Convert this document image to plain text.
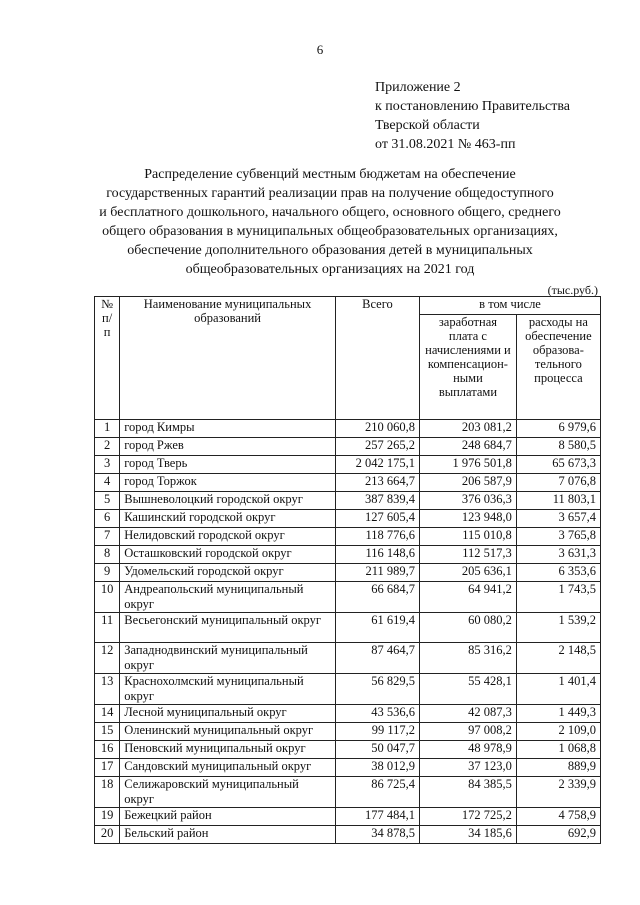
6
Приложение 2
к постановлению Правительства
Тверской области
от 31.08.2021 № 463-пп
Распределение субвенций местным бюджетам на обеспечение
государственных гарантий реализации прав на получение общедоступного
и бесплатного дошкольного, начального общего, основного общего, среднего
общего образования в муниципальных общеобразовательных организациях,
обеспечение дополнительного образования детей в муниципальных
общеобразовательных организациях на 2021 год
(тыс.руб.)
№ п/п	Наименование муниципальных образований	Всего	в том числе	
			заработная плата с начислениями и компенсацион-ными выплатами	расходы на обеспечение образова-тельного процесса
1	город Кимры	210 060,8	203 081,2	6 979,6
2	город Ржев	257 265,2	248 684,7	8 580,5
3	город Тверь	2 042 175,1	1 976 501,8	65 673,3
4	город Торжок	213 664,7	206 587,9	7 076,8
5	Вышневолоцкий городской округ	387 839,4	376 036,3	11 803,1
6	Кашинский городской округ	127 605,4	123 948,0	3 657,4
7	Нелидовский городской округ	118 776,6	115 010,8	3 765,8
8	Осташковский городской округ	116 148,6	112 517,3	3 631,3
9	Удомельский городской округ	211 989,7	205 636,1	6 353,6
10	Андреапольский муниципальный округ	66 684,7	64 941,2	1 743,5
11	Весьегонский муниципальный округ	61 619,4	60 080,2	1 539,2
12	Западнодвинский муниципальный округ	87 464,7	85 316,2	2 148,5
13	Краснохолмский муниципальный округ	56 829,5	55 428,1	1 401,4
14	Лесной муниципальный округ	43 536,6	42 087,3	1 449,3
15	Оленинский муниципальный округ	99 117,2	97 008,2	2 109,0
16	Пеновский муниципальный округ	50 047,7	48 978,9	1 068,8
17	Сандовский муниципальный округ	38 012,9	37 123,0	889,9
18	Селижаровский муниципальный округ	86 725,4	84 385,5	2 339,9
19	Бежецкий район	177 484,1	172 725,2	4 758,9
20	Бельский район	34 878,5	34 185,6	692,9
